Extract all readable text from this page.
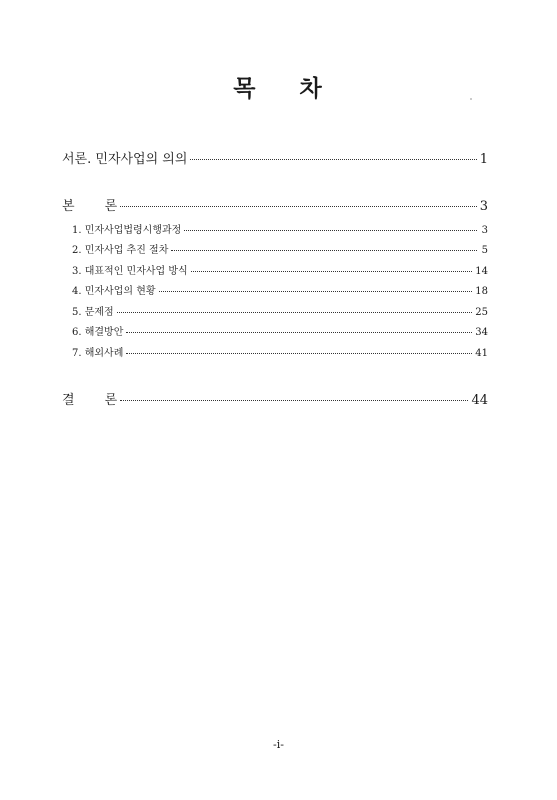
목 차
서론. 민자사업의 의의	1
본 론	3
1. 민자사업법령시행과정	3
2. 민자사업 추진 절차	5
3. 대표적인 민자사업 방식	14
4. 민자사업의 현황	18
5. 문제점	25
6. 해결방안	34
7. 해외사례	41
결 론	44
-i-
